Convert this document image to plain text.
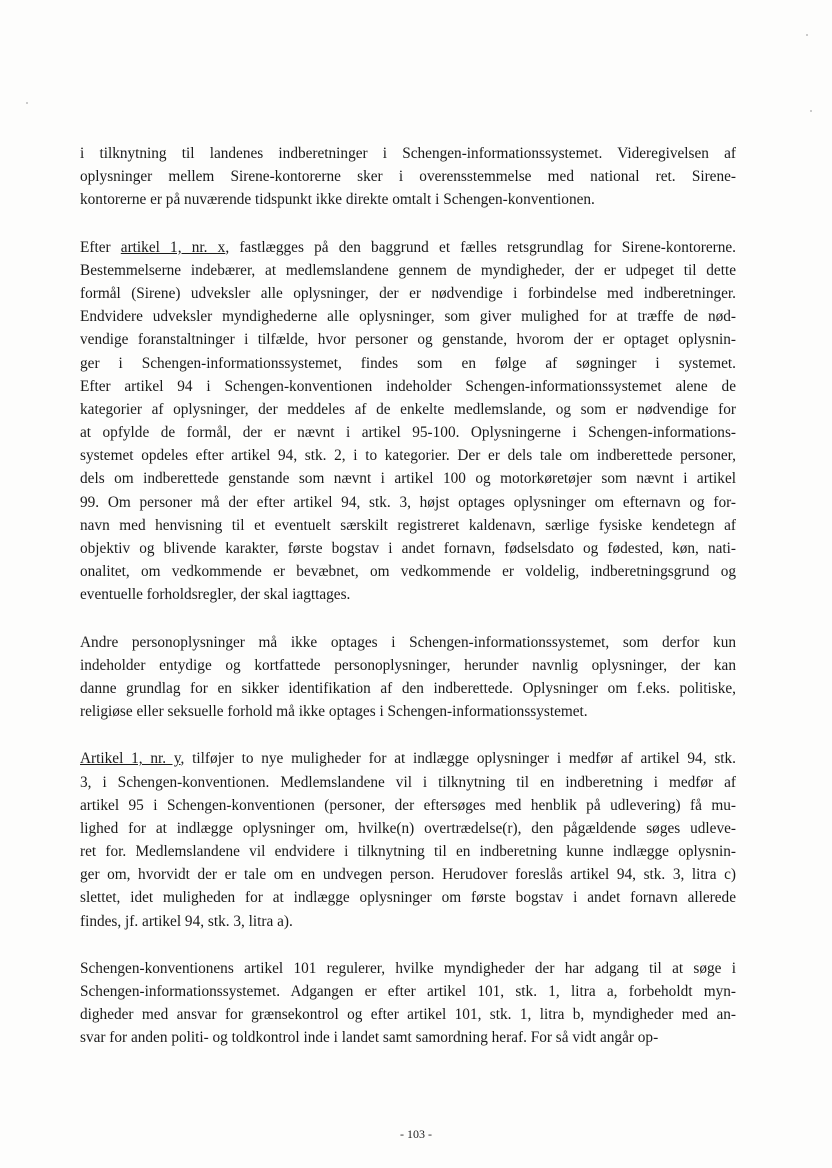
i tilknytning til landenes indberetninger i Schengen-informationssystemet. Videregivelsen af
oplysninger mellem Sirene-kontorerne sker i overensstemmelse med national ret. Sirene-
kontorerne er på nuværende tidspunkt ikke direkte omtalt i Schengen-konventionen.
Efter artikel 1, nr. x, fastlægges på den baggrund et fælles retsgrundlag for Sirene-kontorerne.
Bestemmelserne indebærer, at medlemslandene gennem de myndigheder, der er udpeget til dette
formål (Sirene) udveksler alle oplysninger, der er nødvendige i forbindelse med indberetninger.
Endvidere udveksler myndighederne alle oplysninger, som giver mulighed for at træffe de nød-
vendige foranstaltninger i tilfælde, hvor personer og genstande, hvorom der er optaget oplysnin-
ger i Schengen-informationssystemet, findes som en følge af søgninger i systemet.
Efter artikel 94 i Schengen-konventionen indeholder Schengen-informationssystemet alene de
kategorier af oplysninger, der meddeles af de enkelte medlemslande, og som er nødvendige for
at opfylde de formål, der er nævnt i artikel 95-100. Oplysningerne i Schengen-informations-
systemet opdeles efter artikel 94, stk. 2, i to kategorier. Der er dels tale om indberettede personer,
dels om indberettede genstande som nævnt i artikel 100 og motorkøretøjer som nævnt i artikel
99. Om personer må der efter artikel 94, stk. 3, højst optages oplysninger om efternavn og for-
navn med henvisning til et eventuelt særskilt registreret kaldenavn, særlige fysiske kendetegn af
objektiv og blivende karakter, første bogstav i andet fornavn, fødselsdato og fødested, køn, nati-
onalitet, om vedkommende er bevæbnet, om vedkommende er voldelig, indberetningsgrund og
eventuelle forholdsregler, der skal iagttages.
Andre personoplysninger må ikke optages i Schengen-informationssystemet, som derfor kun
indeholder entydige og kortfattede personoplysninger, herunder navnlig oplysninger, der kan
danne grundlag for en sikker identifikation af den indberettede. Oplysninger om f.eks. politiske,
religiøse eller seksuelle forhold må ikke optages i Schengen-informationssystemet.
Artikel 1, nr. y, tilføjer to nye muligheder for at indlægge oplysninger i medfør af artikel 94, stk.
3, i Schengen-konventionen. Medlemslandene vil i tilknytning til en indberetning i medfør af
artikel 95 i Schengen-konventionen (personer, der eftersøges med henblik på udlevering) få mu-
lighed for at indlægge oplysninger om, hvilke(n) overtrædelse(r), den pågældende søges udleve-
ret for. Medlemslandene vil endvidere i tilknytning til en indberetning kunne indlægge oplysnin-
ger om, hvorvidt der er tale om en undvegen person. Herudover foreslås artikel 94, stk. 3, litra c)
slettet, idet muligheden for at indlægge oplysninger om første bogstav i andet fornavn allerede
findes, jf. artikel 94, stk. 3, litra a).
Schengen-konventionens artikel 101 regulerer, hvilke myndigheder der har adgang til at søge i
Schengen-informationssystemet. Adgangen er efter artikel 101, stk. 1, litra a, forbeholdt myn-
digheder med ansvar for grænsekontrol og efter artikel 101, stk. 1, litra b, myndigheder med an-
svar for anden politi- og toldkontrol inde i landet samt samordning heraf. For så vidt angår op-
- 103 -
